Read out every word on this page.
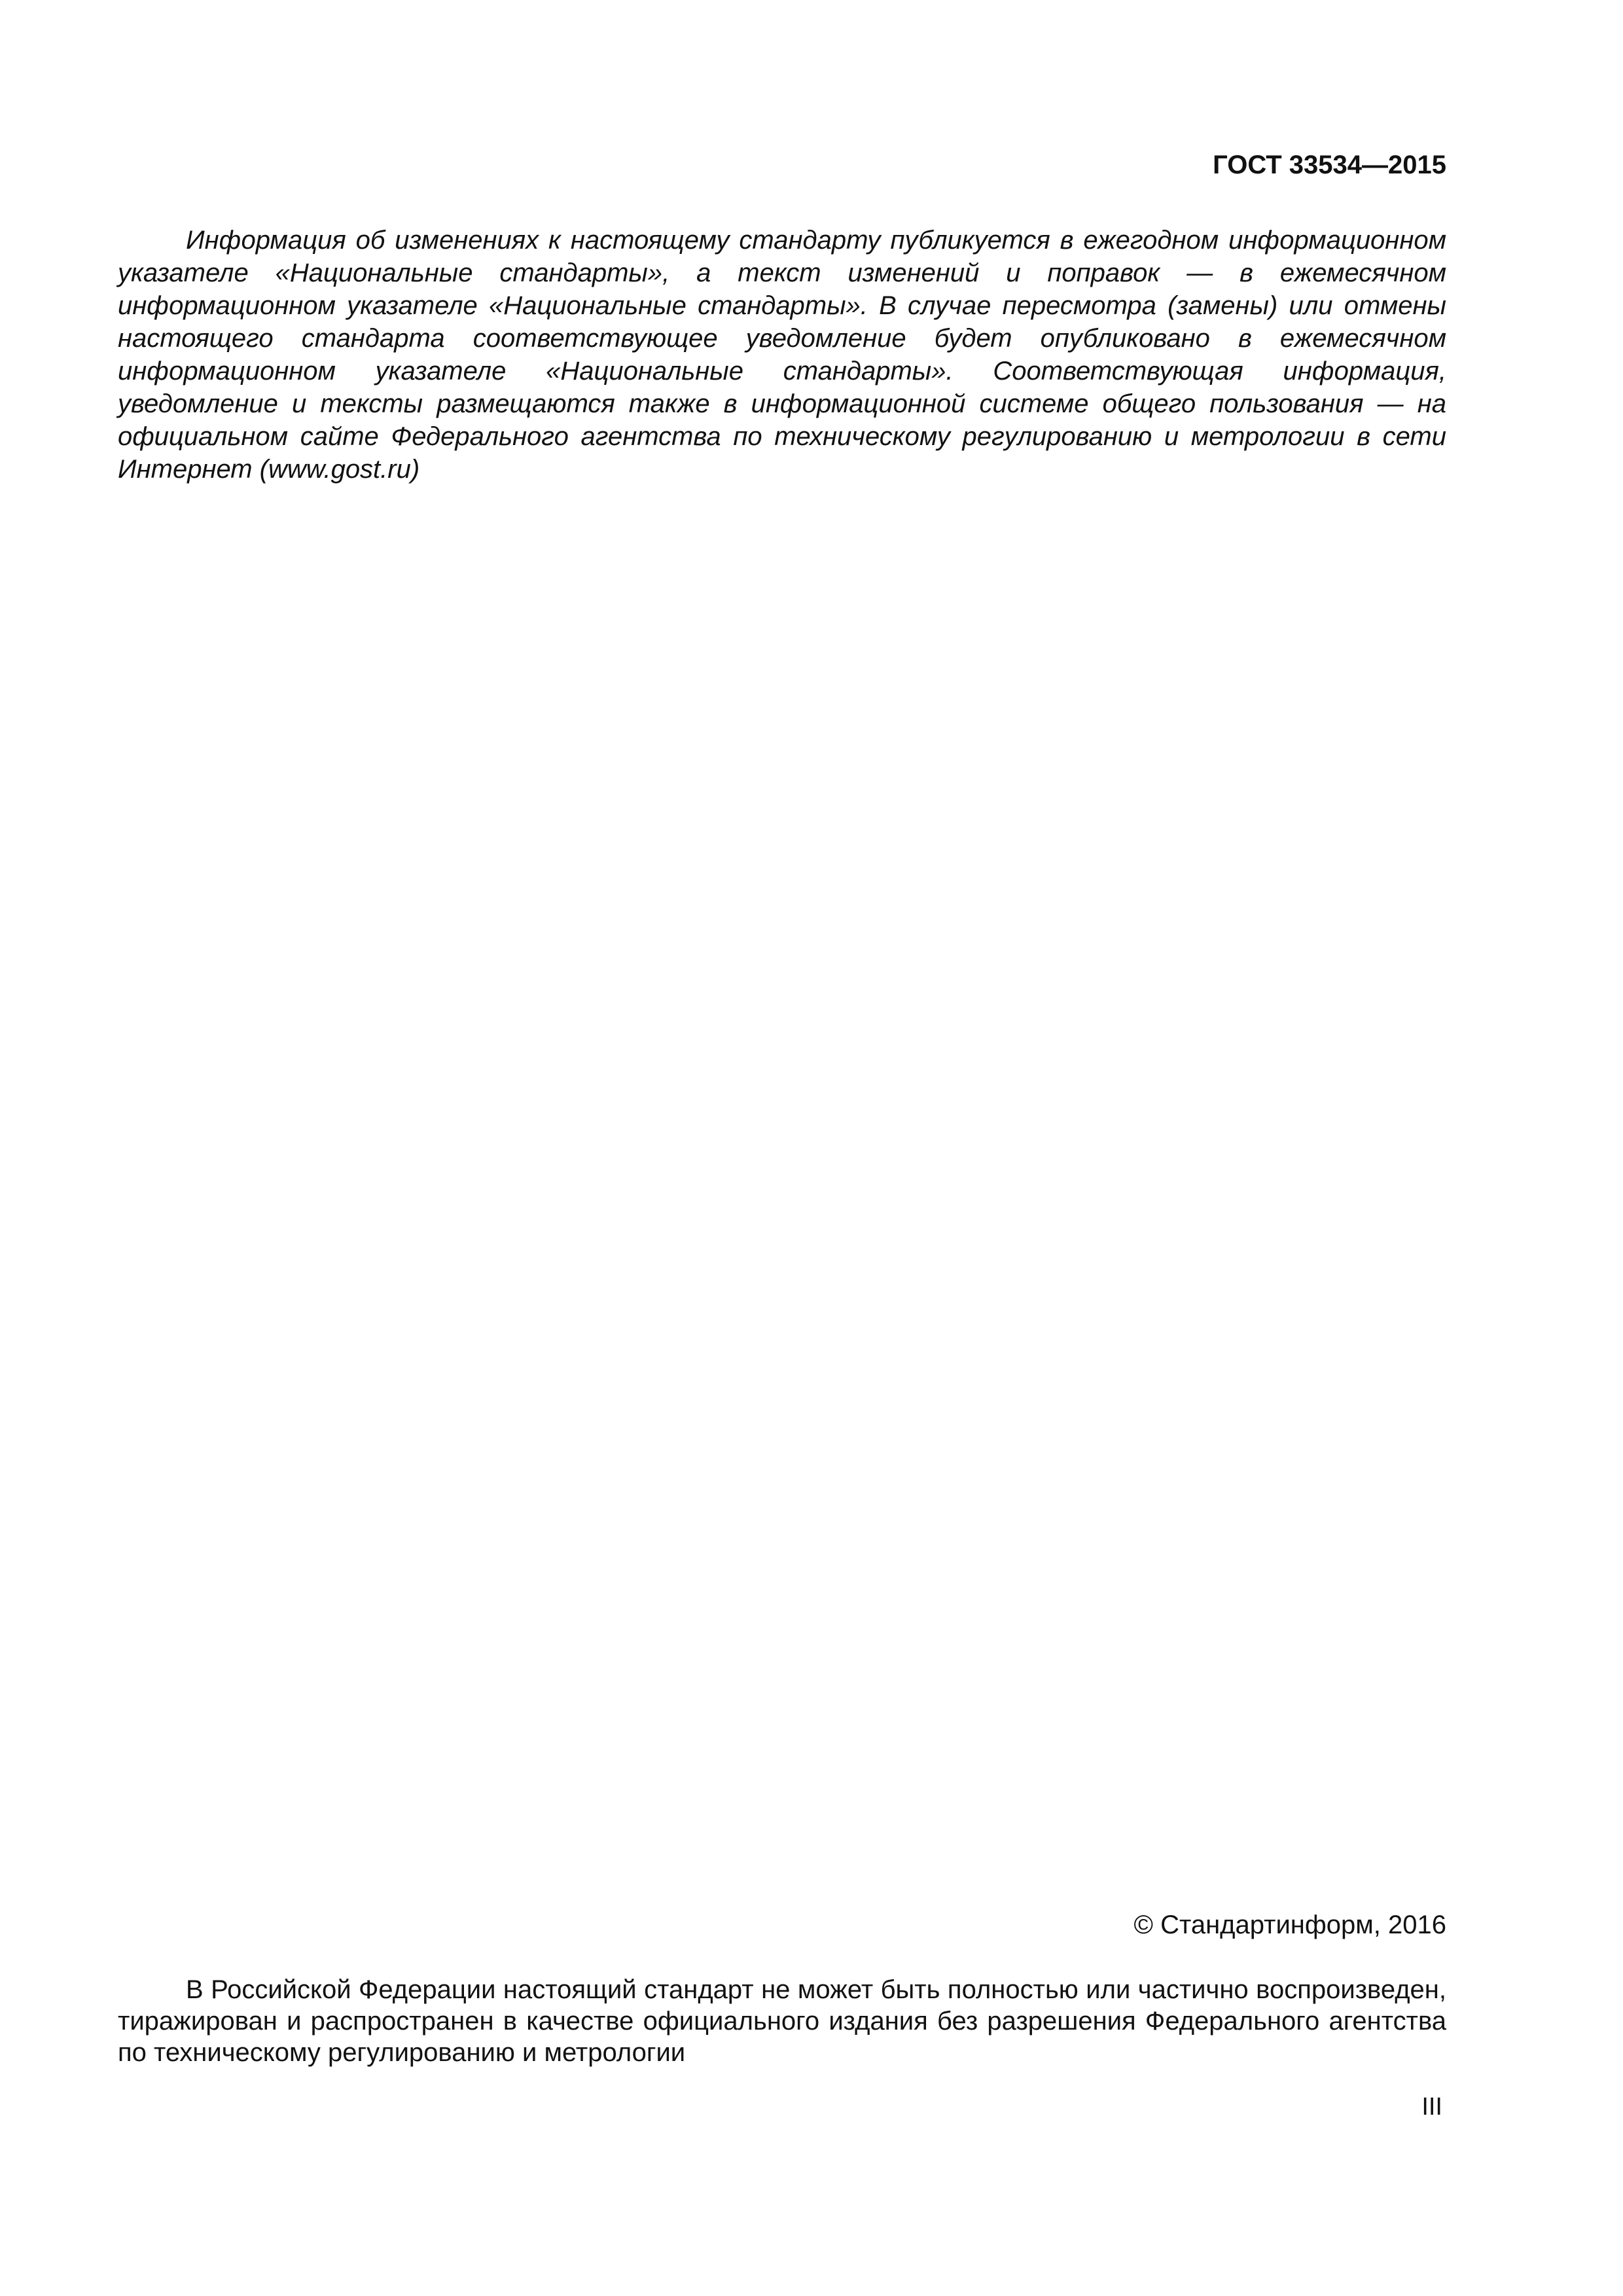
ГОСТ 33534—2015

Информация об изменениях к настоящему стандарту публикуется в ежегодном информационном указателе «Национальные стандарты», а текст изменений и поправок — в ежемесячном информационном указателе «Национальные стандарты». В случае пересмотра (замены) или отмены настоящего стандарта соответствующее уведомление будет опубликовано в ежемесячном информационном указателе «Национальные стандарты». Соответствующая информация, уведомление и тексты размещаются также в информационной системе общего пользования — на официальном сайте Федерального агентства по техническому регулированию и метрологии в сети Интернет (www.gost.ru)

© Стандартинформ, 2016

В Российской Федерации настоящий стандарт не может быть полностью или частично воспроизведен, тиражирован и распространен в качестве официального издания без разрешения Федерального агентства по техническому регулированию и метрологии

III
